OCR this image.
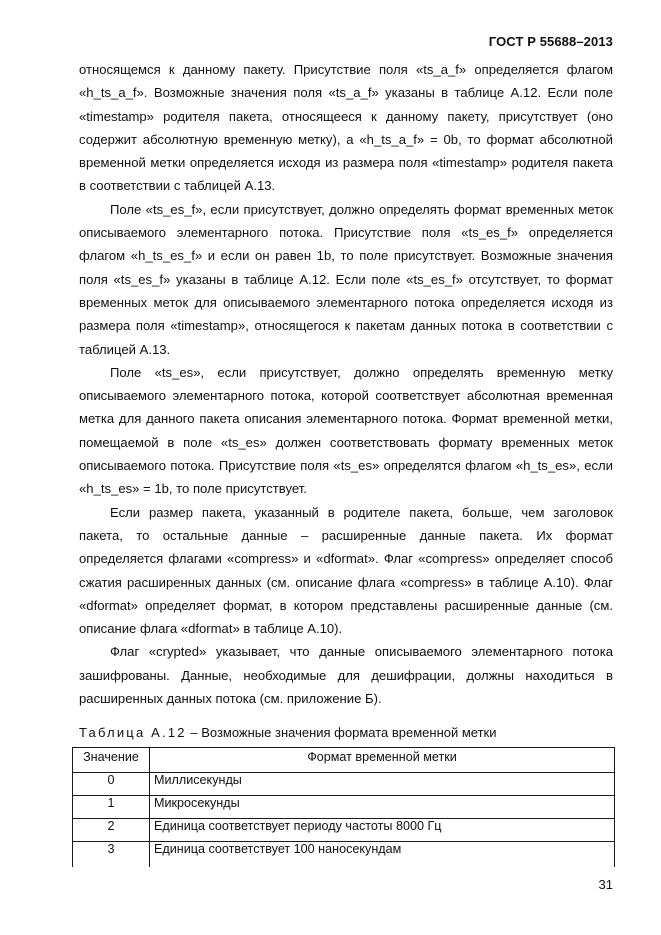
ГОСТ Р 55688–2013

относящемся к данному пакету. Присутствие поля «ts_a_f» определяется флагом «h_ts_a_f». Возможные значения поля «ts_a_f» указаны в таблице А.12. Если поле «timestamp» родителя пакета, относящееся к данному пакету, присутствует (оно содержит абсолютную временную метку), а «h_ts_a_f» = 0b, то формат абсолютной временной метки определяется исходя из размера поля «timestamp» родителя пакета в соответствии с таблицей А.13.

Поле «ts_es_f», если присутствует, должно определять формат временных меток описываемого элементарного потока. Присутствие поля «ts_es_f» определяется флагом «h_ts_es_f» и если он равен 1b, то поле присутствует. Возможные значения поля «ts_es_f» указаны в таблице А.12. Если поле «ts_es_f» отсутствует, то формат временных меток для описываемого элементарного потока определяется исходя из размера поля «timestamp», относящегося к пакетам данных потока в соответствии с таблицей А.13.

Поле «ts_es», если присутствует, должно определять временную метку описываемого элементарного потока, которой соответствует абсолютная временная метка для данного пакета описания элементарного потока. Формат временной метки, помещаемой в поле «ts_es» должен соответствовать формату временных меток описываемого потока. Присутствие поля «ts_es» определятся флагом «h_ts_es», если «h_ts_es» = 1b, то поле присутствует.

Если размер пакета, указанный в родителе пакета, больше, чем заголовок пакета, то остальные данные – расширенные данные пакета. Их формат определяется флагами «compress» и «dformat». Флаг «compress» определяет способ сжатия расширенных данных (см. описание флага «compress» в таблице А.10). Флаг «dformat» определяет формат, в котором представлены расширенные данные (см. описание флага «dformat» в таблице А.10).

Флаг «crypted» указывает, что данные описываемого элементарного потока зашифрованы. Данные, необходимые для дешифрации, должны находиться в расширенных данных потока (см. приложение Б).

Таблица А.12 – Возможные значения формата временной метки
Значение	Формат временной метки
0	Миллисекунды
1	Микросекунды
2	Единица соответствует периоду частоты 8000 Гц
3	Единица соответствует 100 наносекундам
31
